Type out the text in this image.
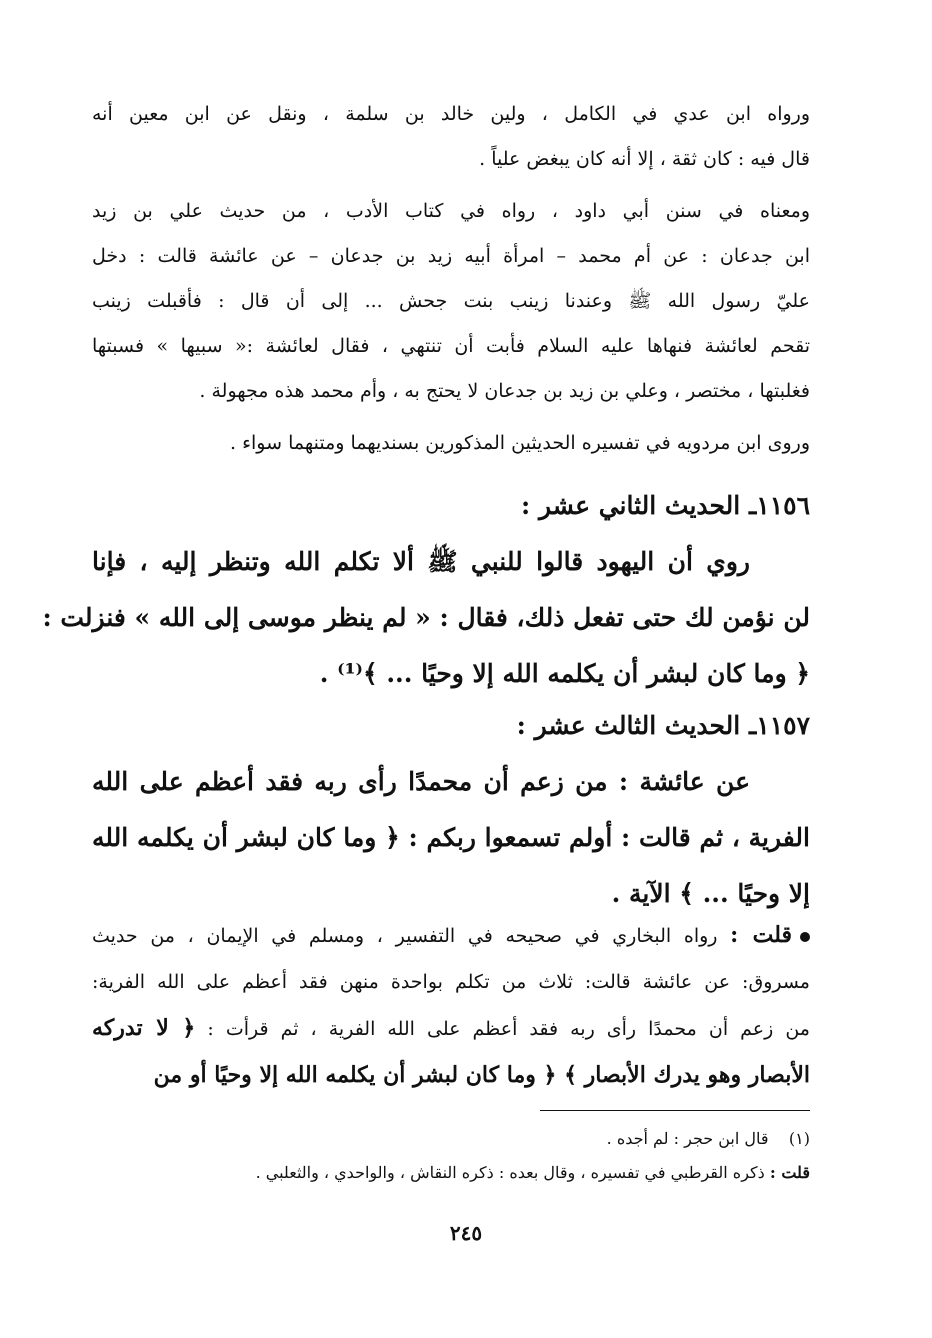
ورواه ابن عدي في الكامل ، ولين خالد بن سلمة ، ونقل عن ابن معين أنه
قال فيه : كان ثقة ، إلا أنه كان يبغض علياً .

ومعناه في سنن أبي داود ، رواه في كتاب الأدب ، من حديث علي بن زيد
ابن جدعان : عن أم محمد – امرأة أبيه زيد بن جدعان – عن عائشة قالت : دخل
عليّ رسول الله ﷺ وعندنا زينب بنت جحش ... إلى أن قال : فأقبلت زينب
تقحم لعائشة فنهاها عليه السلام فأبت أن تنتهي ، فقال لعائشة :« سبيها » فسبتها
فغلبتها ، مختصر ، وعلي بن زيد بن جدعان لا يحتج به ، وأم محمد هذه مجهولة .

وروى ابن مردويه في تفسيره الحديثين المذكورين بسنديهما ومتنهما سواء .

١١٥٦ـ الحديث الثاني عشر :

روي أن اليهود قالوا للنبي ﷺ ألا تكلم الله وتنظر إليه ، فإنا
لن نؤمن لك حتى تفعل ذلك، فقال : « لم ينظر موسى إلى الله » فنزلت :
﴿ وما كان لبشر أن يكلمه الله إلا وحيًا ... ﴾⁽¹⁾ .

١١٥٧ـ الحديث الثالث عشر :

عن عائشة : من زعم أن محمدًا رأى ربه فقد أعظم على الله
الفرية ، ثم قالت : أولم تسمعوا ربكم : ﴿ وما كان لبشر أن يكلمه الله
إلا وحيًا ... ﴾ الآية .

قلت : رواه البخاري في صحيحه في التفسير ، ومسلم في الإيمان ، من حديث
مسروق: عن عائشة قالت: ثلاث من تكلم بواحدة منهن فقد أعظم على الله الفرية:
من زعم أن محمدًا رأى ربه فقد أعظم على الله الفرية ، ثم قرأت : ﴿ لا تدركه
الأبصار وهو يدرك الأبصار ﴾ ﴿ وما كان لبشر أن يكلمه الله إلا وحيًا أو من

(١)    قال ابن حجر : لم أجده .
قلت : ذكره القرطبي في تفسيره ، وقال بعده : ذكره النقاش ، والواحدي ، والثعلبي .
٢٤٥
